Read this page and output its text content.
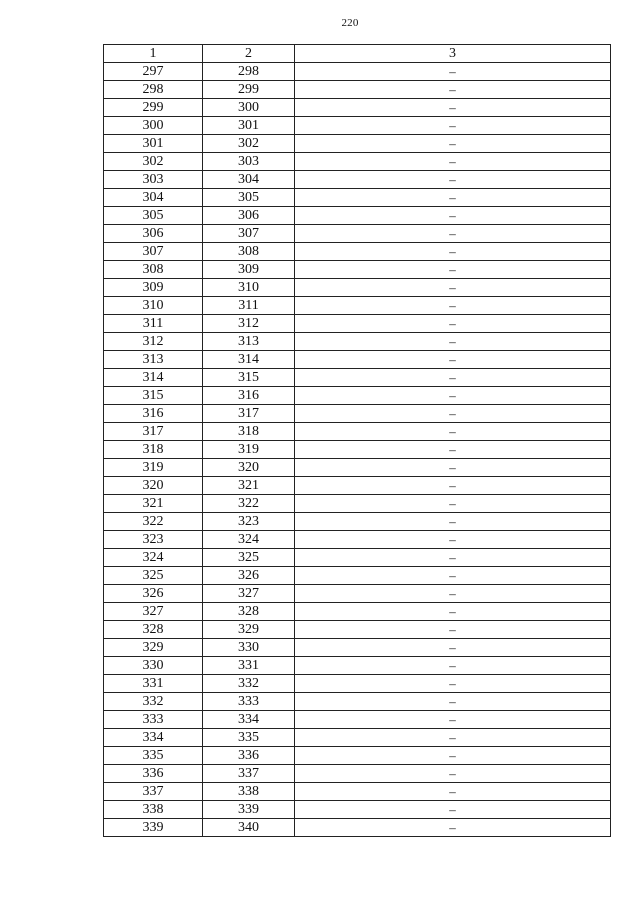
220
1	2	3
297	298	–
298	299	–
299	300	–
300	301	–
301	302	–
302	303	–
303	304	–
304	305	–
305	306	–
306	307	–
307	308	–
308	309	–
309	310	–
310	311	–
311	312	–
312	313	–
313	314	–
314	315	–
315	316	–
316	317	–
317	318	–
318	319	–
319	320	–
320	321	–
321	322	–
322	323	–
323	324	–
324	325	–
325	326	–
326	327	–
327	328	–
328	329	–
329	330	–
330	331	–
331	332	–
332	333	–
333	334	–
334	335	–
335	336	–
336	337	–
337	338	–
338	339	–
339	340	–
